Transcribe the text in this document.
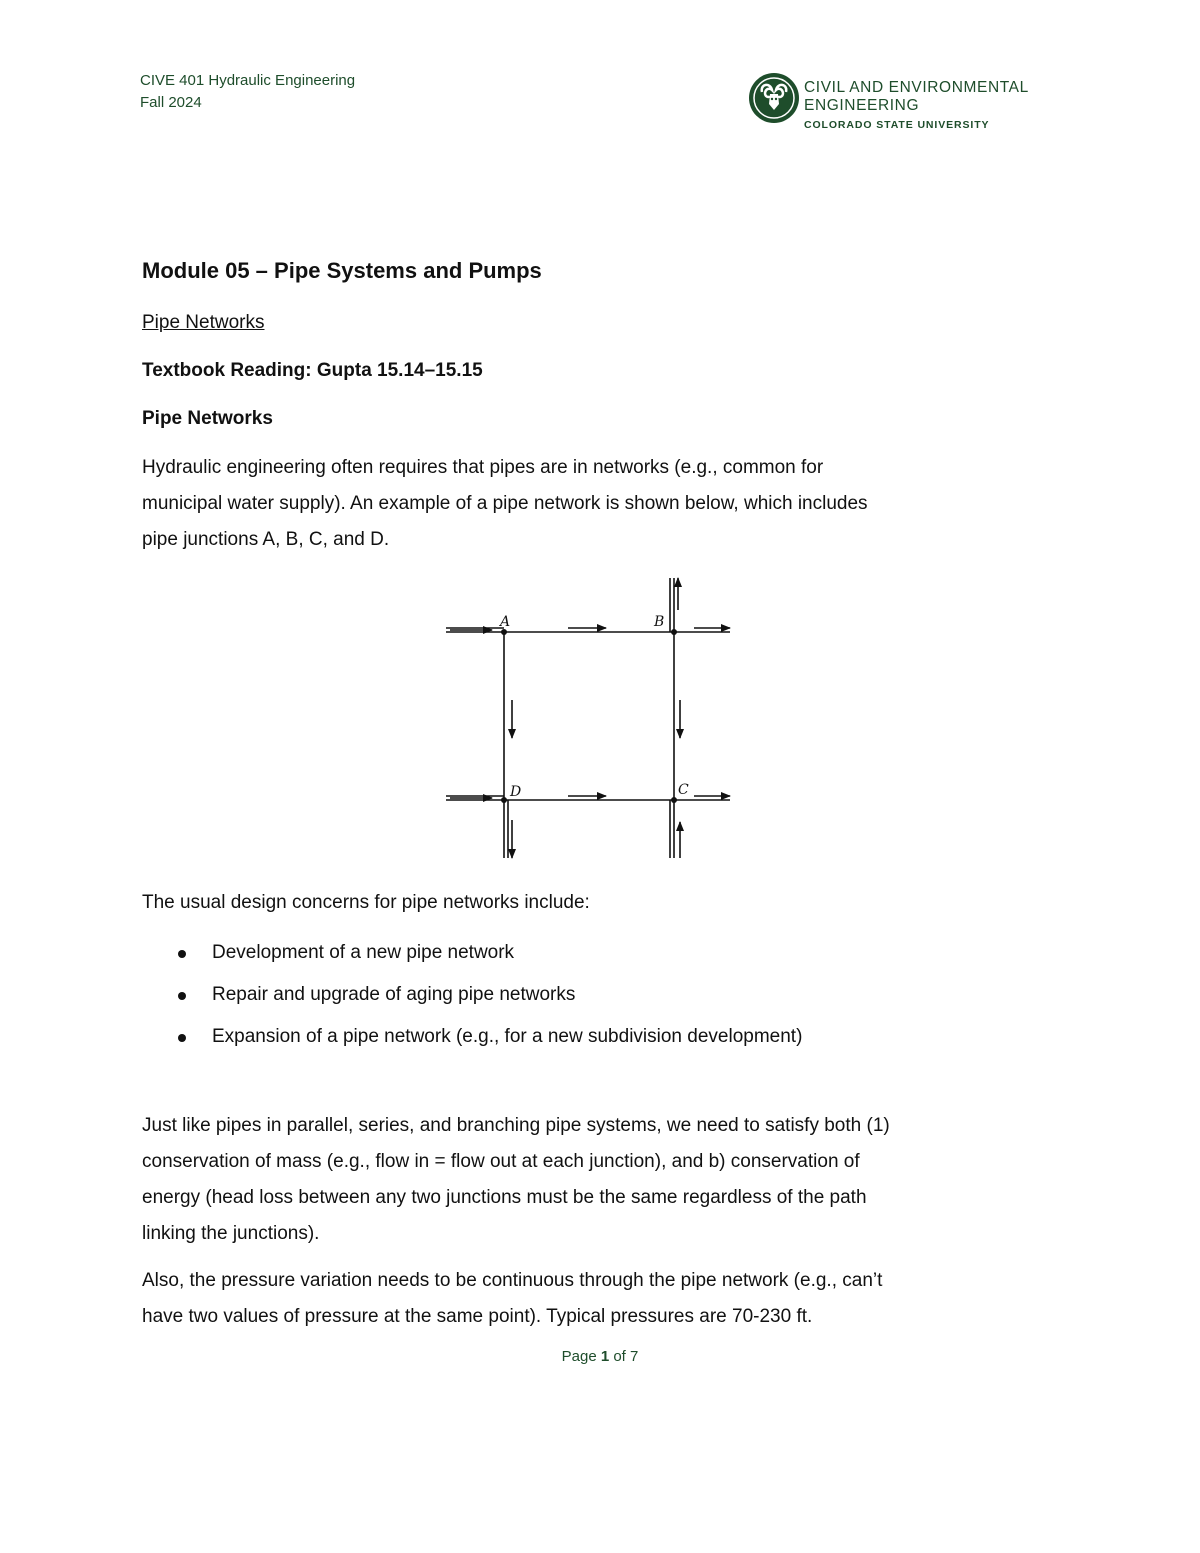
CIVE 401 Hydraulic Engineering
Fall 2024
CIVIL AND ENVIRONMENTAL
ENGINEERING
COLORADO STATE UNIVERSITY
Module 05 – Pipe Systems and Pumps

Pipe Networks

Textbook Reading: Gupta 15.14–15.15

Pipe Networks

Hydraulic engineering often requires that pipes are in networks (e.g., common for
municipal water supply). An example of a pipe network is shown below, which includes
pipe junctions A, B, C, and D.
A	B
C
D

The usual design concerns for pipe networks include:

Development of a new pipe network
Repair and upgrade of aging pipe networks
Expansion of a pipe network (e.g., for a new subdivision development)
Just like pipes in parallel, series, and branching pipe systems, we need to satisfy both (1)
conservation of mass (e.g., flow in = flow out at each junction), and b) conservation of
energy (head loss between any two junctions must be the same regardless of the path
linking the junctions).
Also, the pressure variation needs to be continuous through the pipe network (e.g., can’t
have two values of pressure at the same point). Typical pressures are 70-230 ft.
Page 1 of 7
